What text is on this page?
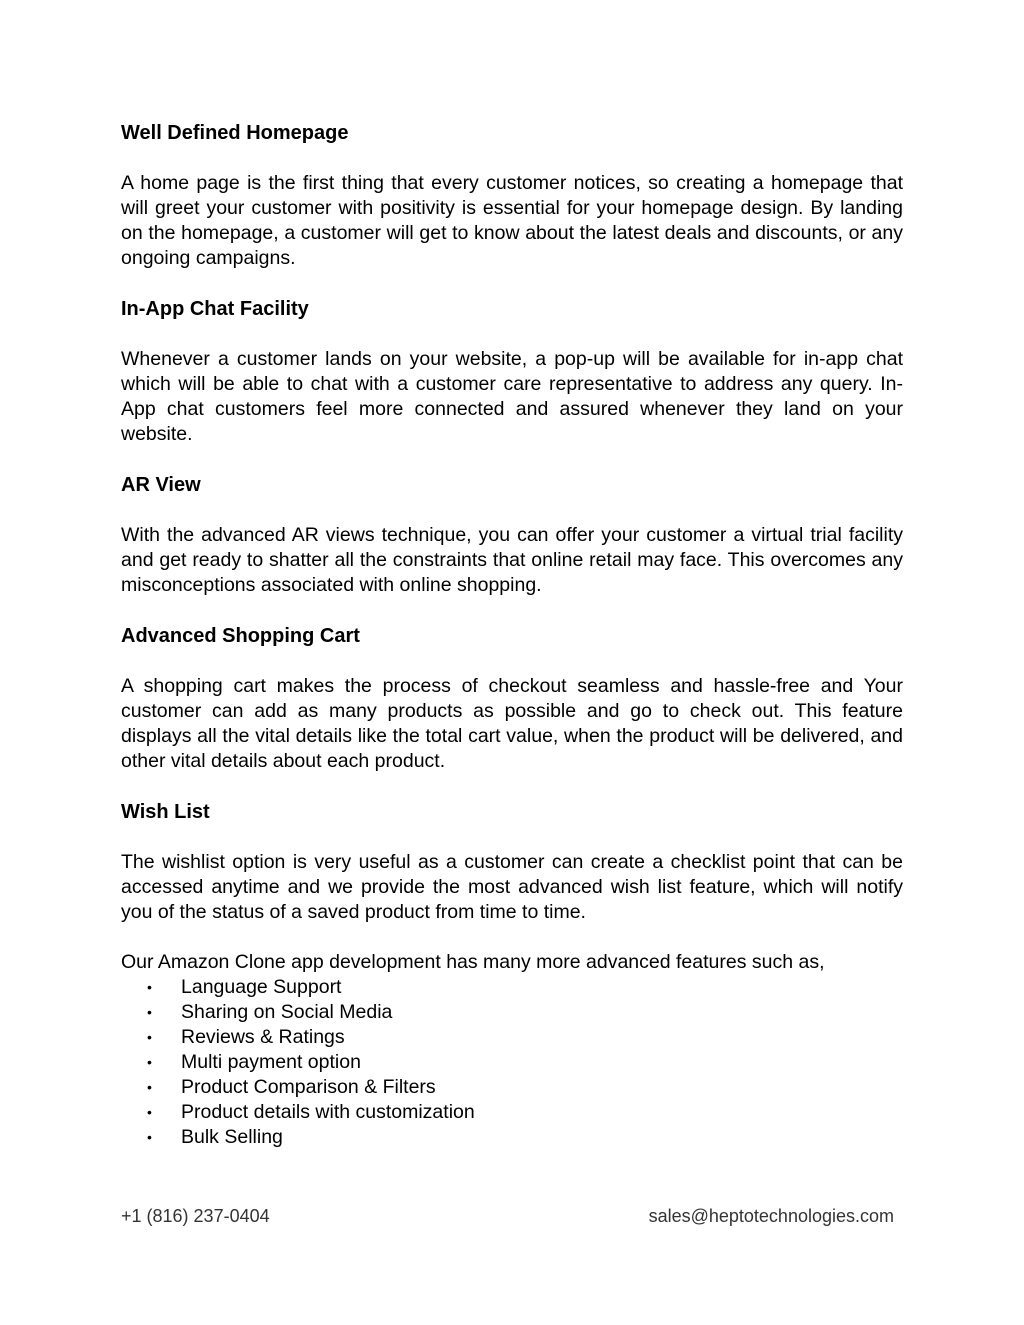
Well Defined Homepage

A home page is the first thing that every customer notices, so creating a homepage that will greet your customer with positivity is essential for your homepage design. By landing on the homepage, a customer will get to know about the latest deals and discounts, or any ongoing campaigns.

In-App Chat Facility

Whenever a customer lands on your website, a pop-up will be available for in-app chat which will be able to chat with a customer care representative to address any query. In-App chat customers feel more connected and assured whenever they land on your website.

AR View

With the advanced AR views technique, you can offer your customer a virtual trial facility and get ready to shatter all the constraints that online retail may face. This overcomes any misconceptions associated with online shopping.

Advanced Shopping Cart

A shopping cart makes the process of checkout seamless and hassle-free and Your customer can add as many products as possible and go to check out. This feature displays all the vital details like the total cart value, when the product will be delivered, and other vital details about each product.

Wish List

The wishlist option is very useful as a customer can create a checklist point that can be accessed anytime and we provide the most advanced wish list feature, which will notify you of the status of a saved product from time to time.

Our Amazon Clone app development has many more advanced features such as,

• Language Support
• Sharing on Social Media
• Reviews & Ratings
• Multi payment option
• Product Comparison & Filters
• Product details with customization
• Bulk Selling
+1 (816) 237-0404	sales@heptotechnologies.com
